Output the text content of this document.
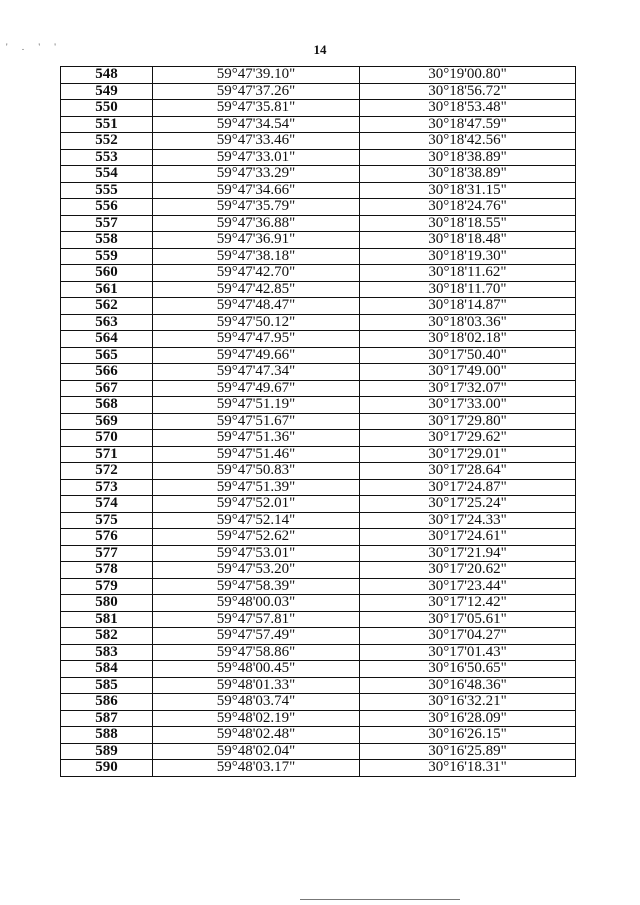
' . ' '	14
548	59°47'39.10"	30°19'00.80"
549	59°47'37.26"	30°18'56.72"
550	59°47'35.81"	30°18'53.48"
551	59°47'34.54"	30°18'47.59"
552	59°47'33.46"	30°18'42.56"
553	59°47'33.01"	30°18'38.89"
554	59°47'33.29"	30°18'38.89"
555	59°47'34.66"	30°18'31.15"
556	59°47'35.79"	30°18'24.76"
557	59°47'36.88"	30°18'18.55"
558	59°47'36.91"	30°18'18.48"
559	59°47'38.18"	30°18'19.30"
560	59°47'42.70"	30°18'11.62"
561	59°47'42.85"	30°18'11.70"
562	59°47'48.47"	30°18'14.87"
563	59°47'50.12"	30°18'03.36"
564	59°47'47.95"	30°18'02.18"
565	59°47'49.66"	30°17'50.40"
566	59°47'47.34"	30°17'49.00"
567	59°47'49.67"	30°17'32.07"
568	59°47'51.19"	30°17'33.00"
569	59°47'51.67"	30°17'29.80"
570	59°47'51.36"	30°17'29.62"
571	59°47'51.46"	30°17'29.01"
572	59°47'50.83"	30°17'28.64"
573	59°47'51.39"	30°17'24.87"
574	59°47'52.01"	30°17'25.24"
575	59°47'52.14"	30°17'24.33"
576	59°47'52.62"	30°17'24.61"
577	59°47'53.01"	30°17'21.94"
578	59°47'53.20"	30°17'20.62"
579	59°47'58.39"	30°17'23.44"
580	59°48'00.03"	30°17'12.42"
581	59°47'57.81"	30°17'05.61"
582	59°47'57.49"	30°17'04.27"
583	59°47'58.86"	30°17'01.43"
584	59°48'00.45"	30°16'50.65"
585	59°48'01.33"	30°16'48.36"
586	59°48'03.74"	30°16'32.21"
587	59°48'02.19"	30°16'28.09"
588	59°48'02.48"	30°16'26.15"
589	59°48'02.04"	30°16'25.89"
590	59°48'03.17"	30°16'18.31"
